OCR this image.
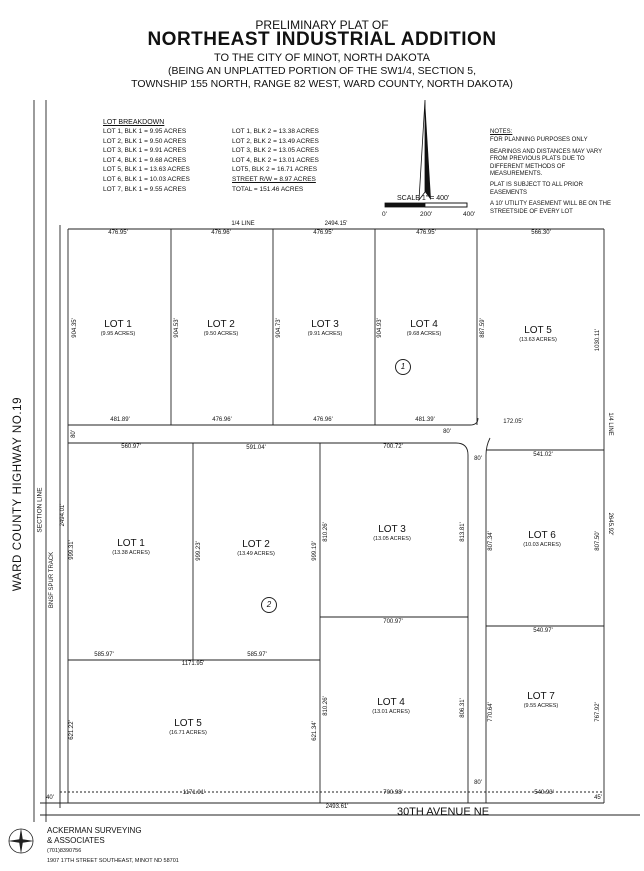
PRELIMINARY PLAT OF
NORTHEAST INDUSTRIAL ADDITION
TO THE CITY OF MINOT, NORTH DAKOTA
(BEING AN UNPLATTED PORTION OF THE SW1/4, SECTION 5,
TOWNSHIP 155 NORTH, RANGE 82 WEST, WARD COUNTY, NORTH DAKOTA)
LOT BREAKDOWN
LOT 1, BLK 1 = 9.95 ACRES
LOT 2, BLK 1 = 9.50 ACRES
LOT 3, BLK 1 = 9.91 ACRES
LOT 4, BLK 1 = 9.68 ACRES
LOT 5, BLK 1 = 13.63 ACRES
LOT 6, BLK 1 = 10.03 ACRES
LOT 7, BLK 1 = 9.55 ACRES
LOT 1, BLK 2 = 13.38 ACRES
LOT 2, BLK 2 = 13.49 ACRES
LOT 3, BLK 2 = 13.05 ACRES
LOT 4, BLK 2 = 13.01 ACRES
LOT5, BLK 2 = 16.71 ACRES
STREET R/W = 8.97 ACRES
TOTAL = 151.46 ACRES

NOTES:

FOR PLANNING PURPOSES ONLY

BEARINGS AND DISTANCES MAY VARY FROM PREVIOUS PLATS DUE TO DIFFERENT METHODS OF MEASUREMENTS.

PLAT IS SUBJECT TO ALL PRIOR EASEMENTS

A 10' UTILITY EASEMENT WILL BE ON THE STREETSIDE OF EVERY LOT

SCALE 1" = 400'
0'	200'	400'
1
2
LOT 1
(9.95 ACRES)
LOT 2
(9.50 ACRES)
LOT 3
(9.91 ACRES)
LOT 4
(9.68 ACRES)	LOT 5
(13.63 ACRES)
LOT 6
(10.03 ACRES)
LOT 7
(9.55 ACRES)
LOT 1
(13.38 ACRES)
LOT 2
(13.49 ACRES)
LOT 3
(13.05 ACRES)
LOT 4
(13.01 ACRES)
LOT 5
(16.71 ACRES)
1/4 LINE	2494.15'
476.95'	476.96'	476.95'	476.95'	566.30'
904.35'	904.53'	904.73'	904.93'	887.59'
1030.11'
481.89'	476.96'	476.96'	481.39'	172.05'
80'	80'
80'
80'
560.97'	591.04'	700.72'
541.02'
999.31'	999.23'	999.19'
810.26'	813.81'	807.34'	807.50'
1/4 LINE
2645.92'
585.97'	585.97'
1171.95'
700.97'
540.97'
621.22'	621.34'
810.26'	806.31'	770.64'	767.92'
1171.91'	700.98'	540.93'
2493.61'
2494.01'
40'	45'
WARD COUNTY HIGHWAY NO.19 SECTION LINE
BNSF SPUR TRACK
30TH AVENUE NE
ACKERMAN SURVEYING
& ASSOCIATES
(701)8390756
1907 17TH STREET SOUTHEAST, MINOT ND 58701
